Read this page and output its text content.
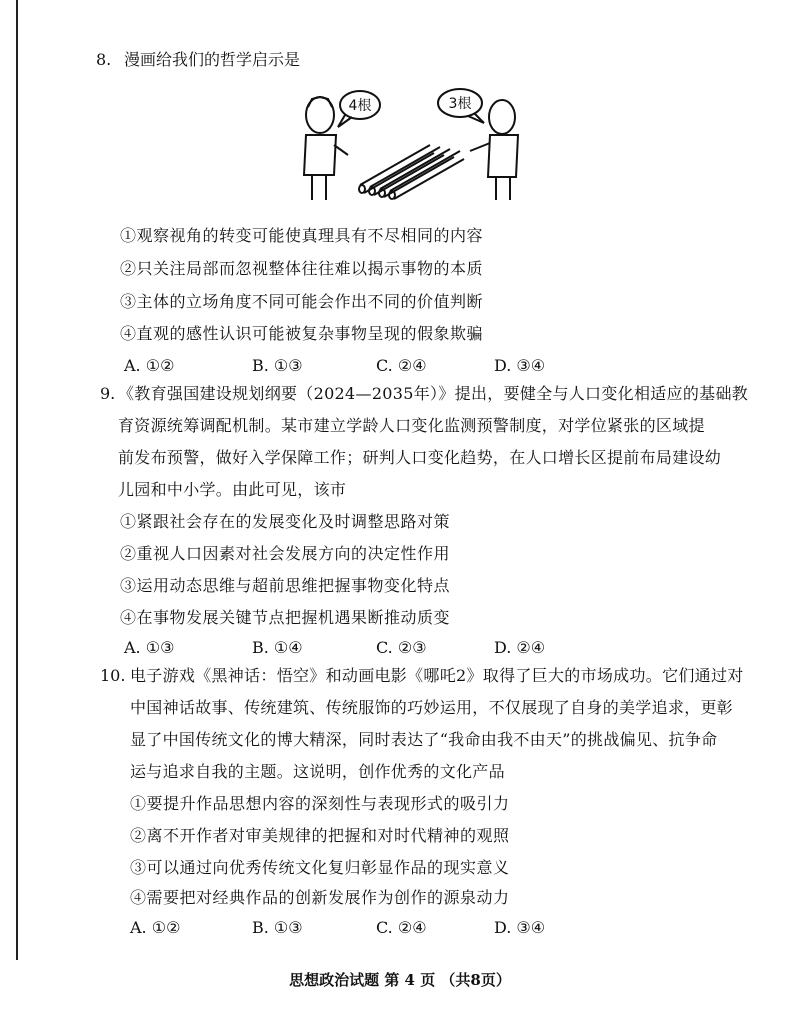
8. 漫画给我们的哲学启示是
4根	3根
①观察视角的转变可能使真理具有不尽相同的内容
②只关注局部而忽视整体往往难以揭示事物的本质
③主体的立场角度不同可能会作出不同的价值判断
④直观的感性认识可能被复杂事物呈现的假象欺骗
A. ①②	B. ①③	C. ②④	D. ③④
9. 《教育强国建设规划纲要（2024—2035年）》提出，要健全与人口变化相适应的基础教
育资源统筹调配机制。某市建立学龄人口变化监测预警制度，对学位紧张的区域提
前发布预警，做好入学保障工作；研判人口变化趋势，在人口增长区提前布局建设幼
儿园和中小学。由此可见，该市
①紧跟社会存在的发展变化及时调整思路对策
②重视人口因素对社会发展方向的决定性作用
③运用动态思维与超前思维把握事物变化特点
④在事物发展关键节点把握机遇果断推动质变
A. ①③	B. ①④	C. ②③	D. ②④
10. 电子游戏《黑神话：悟空》和动画电影《哪吒2》取得了巨大的市场成功。它们通过对
中国神话故事、传统建筑、传统服饰的巧妙运用，不仅展现了自身的美学追求，更彰
显了中国传统文化的博大精深，同时表达了“我命由我不由天”的挑战偏见、抗争命
运与追求自我的主题。这说明，创作优秀的文化产品
①要提升作品思想内容的深刻性与表现形式的吸引力
②离不开作者对审美规律的把握和对时代精神的观照
③可以通过向优秀传统文化复归彰显作品的现实意义
④需要把对经典作品的创新发展作为创作的源泉动力
A. ①②	B. ①③	C. ②④	D. ③④
思想政治试题 第 4 页 （共8页）
